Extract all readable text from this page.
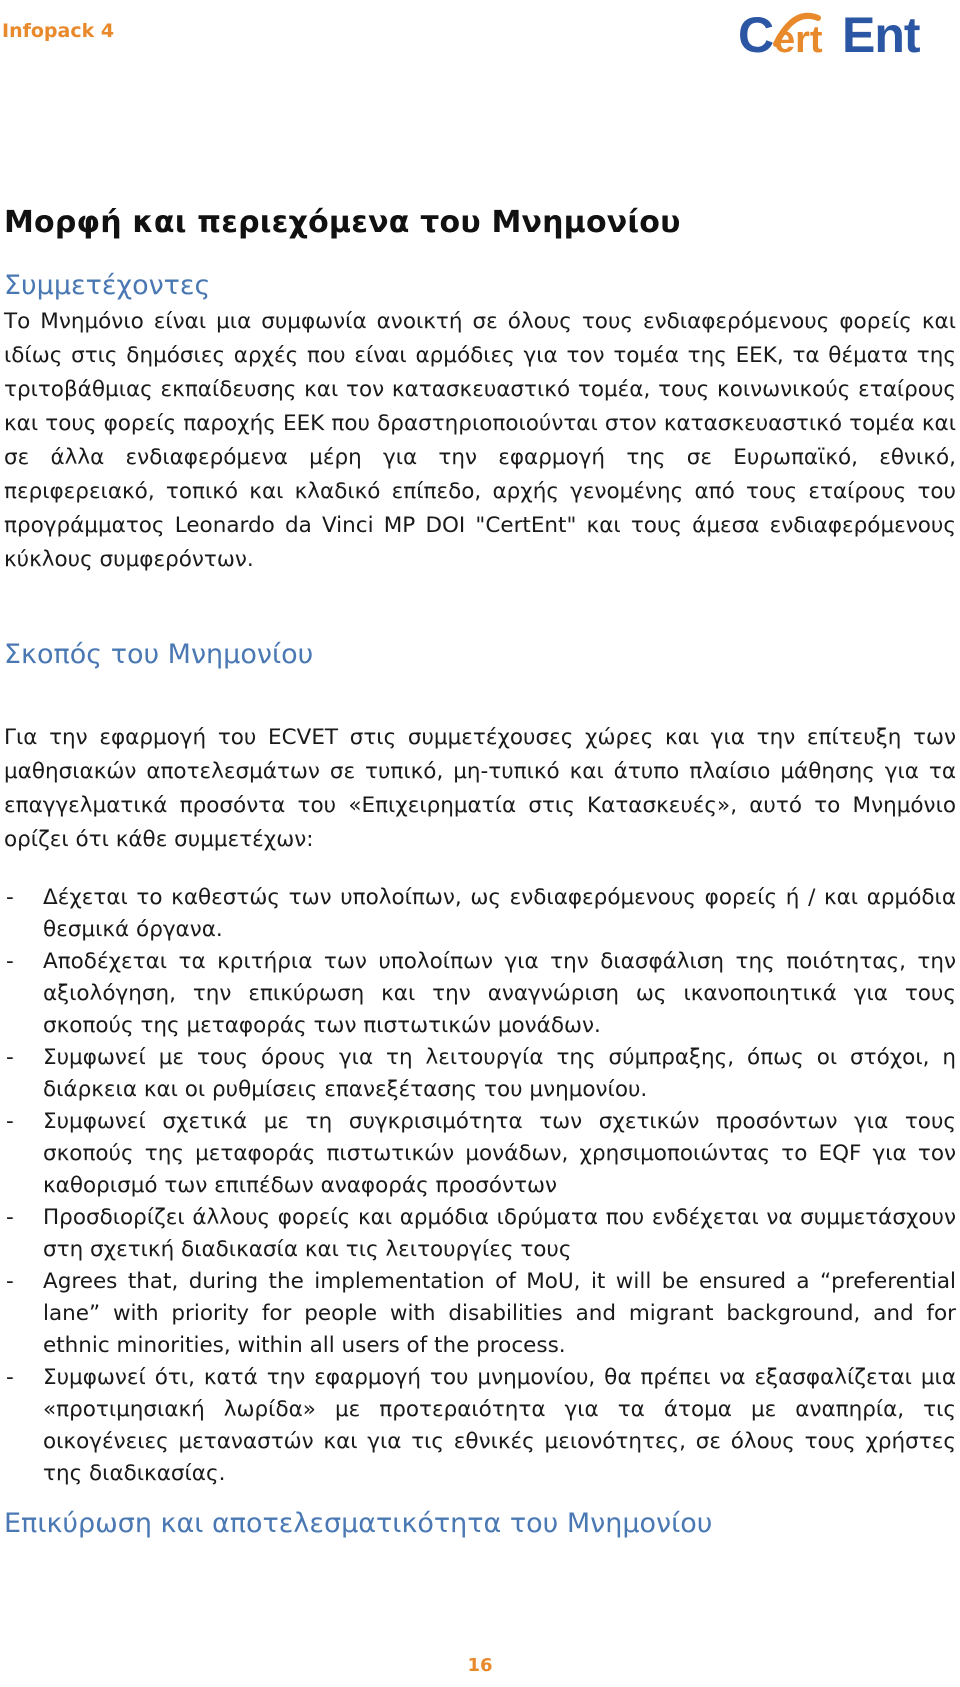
Infopack 4	C ert Ent
Μορφή και περιεχόμενα του Μνημονίου
Συμμετέχοντες

Το Μνημόνιο είναι μια συμφωνία ανοικτή σε όλους τους ενδιαφερόμενους φορείς και ιδίως στις δημόσιες αρχές που είναι αρμόδιες για τον τομέα της ΕΕΚ, τα θέματα της τριτοβάθμιας εκπαίδευσης και τον κατασκευαστικό τομέα, τους κοινωνικούς εταίρους και τους φορείς παροχής ΕΕΚ που δραστηριοποιούνται στον κατασκευαστικό τομέα και σε άλλα ενδιαφερόμενα μέρη για την εφαρμογή της σε Ευρωπαϊκό, εθνικό, περιφερειακό, τοπικό και κλαδικό επίπεδο, αρχής γενομένης από τους εταίρους του προγράμματος Leonardo da Vinci MP DOI "CertEnt" και τους άμεσα ενδιαφερόμενους κύκλους συμφερόντων.

Σκοπός του Μνημονίου

Για την εφαρμογή του ECVET στις συμμετέχουσες χώρες και για την επίτευξη των μαθησιακών αποτελεσμάτων σε τυπικό, μη-τυπικό και άτυπο πλαίσιο μάθησης για τα επαγγελματικά προσόντα του «Επιχειρηματία στις Κατασκευές», αυτό το Μνημόνιο ορίζει ότι κάθε συμμετέχων:

- Δέχεται το καθεστώς των υπολοίπων, ως ενδιαφερόμενους φορείς ή / και αρμόδια θεσμικά όργανα.
- Αποδέχεται τα κριτήρια των υπολοίπων για την διασφάλιση της ποιότητας, την αξιολόγηση, την επικύρωση και την αναγνώριση ως ικανοποιητικά για τους σκοπούς της μεταφοράς των πιστωτικών μονάδων.
- Συμφωνεί με τους όρους για τη λειτουργία της σύμπραξης, όπως οι στόχοι, η διάρκεια και οι ρυθμίσεις επανεξέτασης του μνημονίου.
- Συμφωνεί σχετικά με τη συγκρισιμότητα των σχετικών προσόντων για τους σκοπούς της μεταφοράς πιστωτικών μονάδων, χρησιμοποιώντας το EQF για τον καθορισμό των επιπέδων αναφοράς προσόντων
- Προσδιορίζει άλλους φορείς και αρμόδια ιδρύματα που ενδέχεται να συμμετάσχουν στη σχετική διαδικασία και τις λειτουργίες τους
- Agrees that, during the implementation of MoU, it will be ensured a “preferential lane” with priority for people with disabilities and migrant background, and for ethnic minorities, within all users of the process.
- Συμφωνεί ότι, κατά την εφαρμογή του μνημονίου, θα πρέπει να εξασφαλίζεται μια «προτιμησιακή λωρίδα» με προτεραιότητα για τα άτομα με αναπηρία, τις οικογένειες μεταναστών και για τις εθνικές μειονότητες, σε όλους τους χρήστες της διαδικασίας.
Επικύρωση και αποτελεσματικότητα του Μνημονίου
16
